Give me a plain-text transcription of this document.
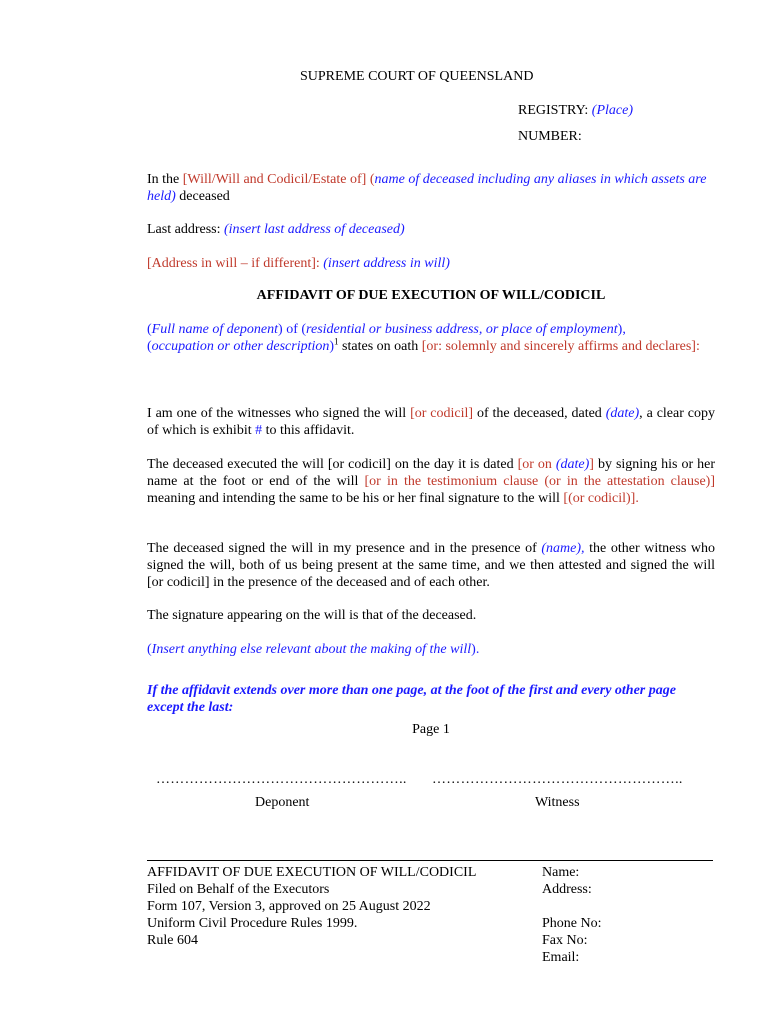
SUPREME COURT OF QUEENSLAND
REGISTRY: (Place)
NUMBER:
In the [Will/Will and Codicil/Estate of] (name of deceased including any aliases in which assets are held) deceased
Last address: (insert last address of deceased)
[Address in will – if different]: (insert address in will)
AFFIDAVIT OF DUE EXECUTION OF WILL/CODICIL
(Full name of deponent) of (residential or business address, or place of employment),
(occupation or other description)$^1$ states on oath [or: solemnly and sincerely affirms and declares]:
I am one of the witnesses who signed the will [or codicil] of the deceased, dated (date), a clear copy of which is exhibit # to this affidavit.
The deceased executed the will [or codicil] on the day it is dated [or on (date)] by signing his or her name at the foot or end of the will [or in the testimonium clause (or in the attestation clause)] meaning and intending the same to be his or her final signature to the will [(or codicil)].
The deceased signed the will in my presence and in the presence of (name), the other witness who signed the will, both of us being present at the same time, and we then attested and signed the will [or codicil] in the presence of the deceased and of each other.
The signature appearing on the will is that of the deceased.
(Insert anything else relevant about the making of the will).
If the affidavit extends over more than one page, at the foot of the first and every other page except the last:
Page 1
…………………………………………….. ……………………………………………..
Deponent	Witness
AFFIDAVIT OF DUE EXECUTION OF WILL/CODICIL
Filed on Behalf of the Executors
Form 107, Version 3, approved on 25 August 2022
Uniform Civil Procedure Rules 1999.
Rule 604
Name:
Address:
Phone No:
Fax No:
Email:
